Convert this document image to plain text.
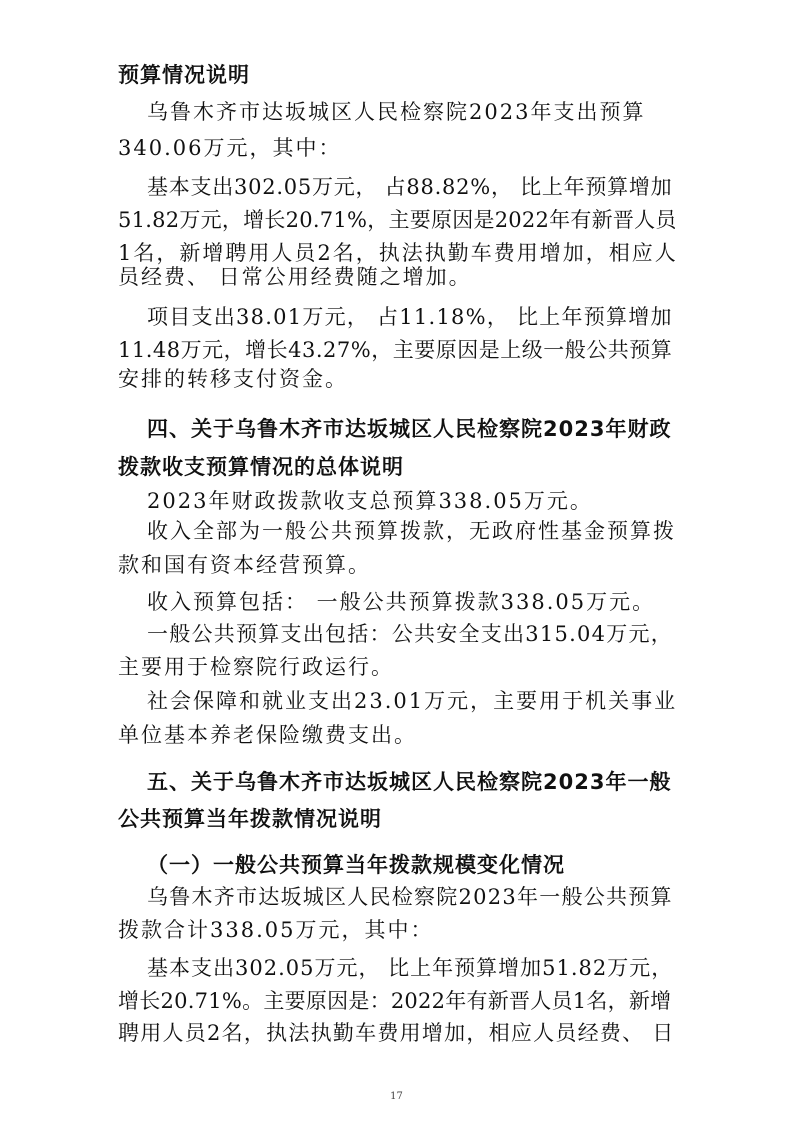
预算情况说明
乌鲁木齐市达坂城区人民检察院2023年支出预算
340.06万元，其中：
基本支出302.05万元， 占88.82%， 比上年预算增加
51.82万元，增长20.71%，主要原因是2022年有新晋人员
1名，新增聘用人员2名，执法执勤车费用增加，相应人
员经费、 日常公用经费随之增加。
项目支出38.01万元， 占11.18%， 比上年预算增加
11.48万元，增长43.27%，主要原因是上级一般公共预算
安排的转移支付资金。
四、关于乌鲁木齐市达坂城区人民检察院2023年财政
拨款收支预算情况的总体说明
2023年财政拨款收支总预算338.05万元。
收入全部为一般公共预算拨款，无政府性基金预算拨
款和国有资本经营预算。
收入预算包括： 一般公共预算拨款338.05万元。
一般公共预算支出包括：公共安全支出315.04万元，
主要用于检察院行政运行。
社会保障和就业支出23.01万元，主要用于机关事业
单位基本养老保险缴费支出。
五、关于乌鲁木齐市达坂城区人民检察院2023年一般
公共预算当年拨款情况说明
（一）一般公共预算当年拨款规模变化情况
乌鲁木齐市达坂城区人民检察院2023年一般公共预算
拨款合计338.05万元，其中：
基本支出302.05万元， 比上年预算增加51.82万元，
增长20.71%。主要原因是：2022年有新晋人员1名，新增
聘用人员2名，执法执勤车费用增加，相应人员经费、 日
17
